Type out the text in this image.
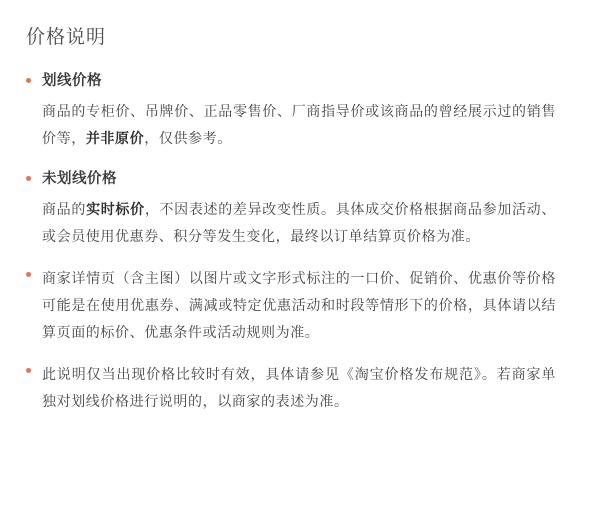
价格说明
划线价格

商品的专柜价、吊牌价、正品零售价、厂商指导价或该商品的曾经展示过的销售价等，并非原价，仅供参考。

未划线价格

商品的实时标价，不因表述的差异改变性质。具体成交价格根据商品参加活动、或会员使用优惠券、积分等发生变化，最终以订单结算页价格为准。

商家详情页（含主图）以图片或文字形式标注的一口价、促销价、优惠价等价格可能是在使用优惠券、满减或特定优惠活动和时段等情形下的价格，具体请以结算页面的标价、优惠条件或活动规则为准。

此说明仅当出现价格比较时有效，具体请参见《淘宝价格发布规范》。若商家单独对划线价格进行说明的，以商家的表述为准。
